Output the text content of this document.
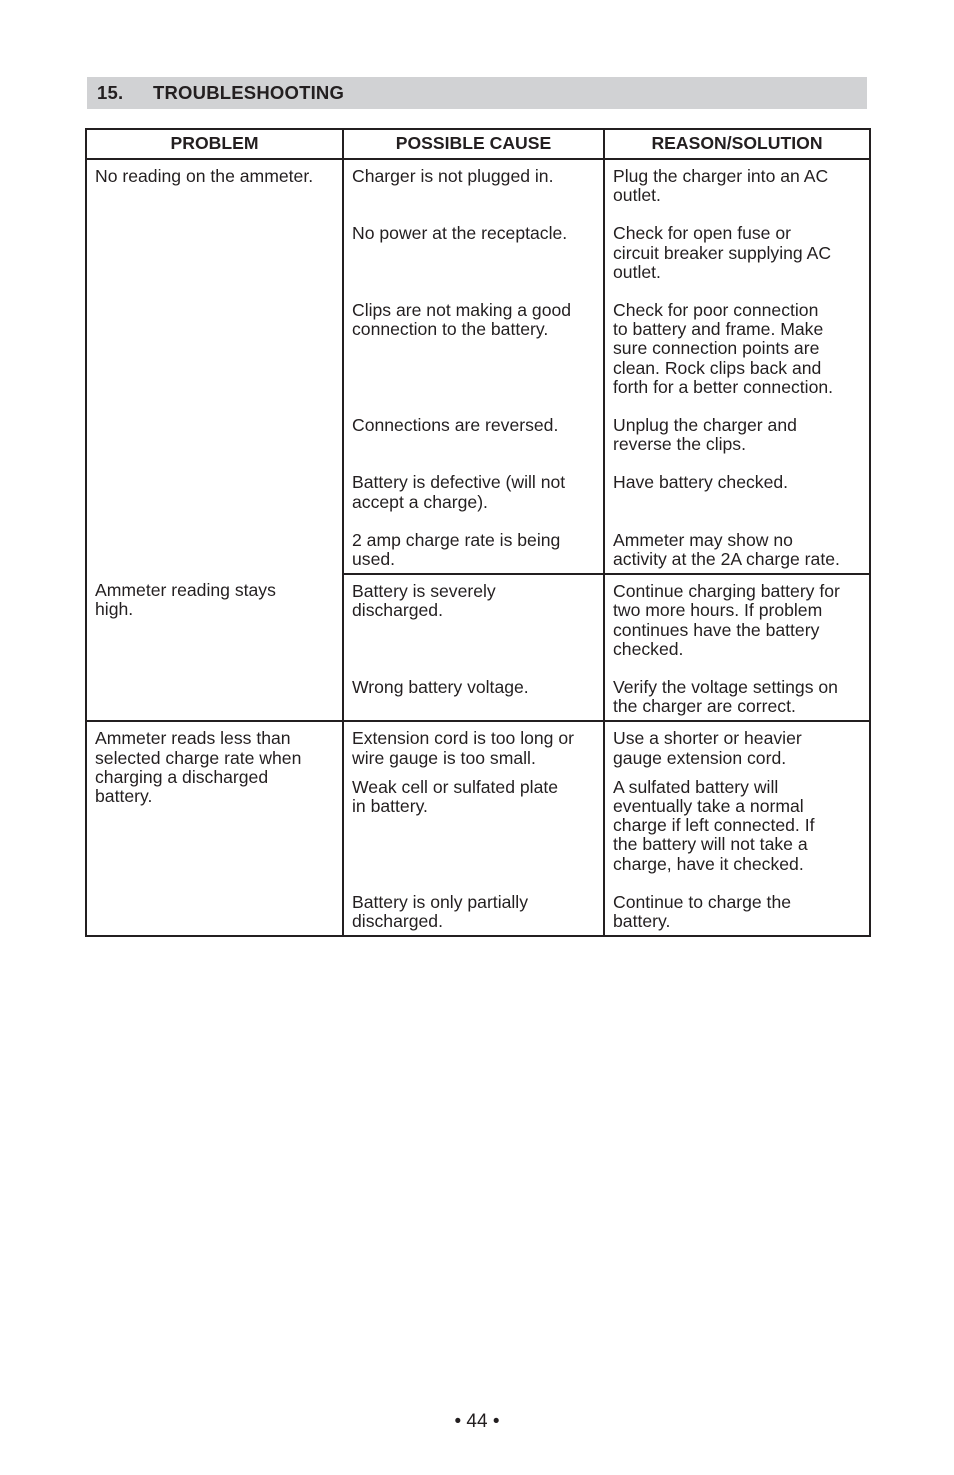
15.	TROUBLESHOOTING
PROBLEM	POSSIBLE CAUSE	REASON/SOLUTION

No reading on the ammeter.	Charger is not plugged in.	Plug the charger into an AC
outlet.

	No power at the receptacle.	Check for open fuse or
circuit breaker supplying AC
outlet.

	Clips are not making a good
connection to the battery.	Check for poor connection
to battery and frame. Make
sure connection points are
clean. Rock clips back and
forth for a better connection.

	Connections are reversed.	Unplug the charger and
reverse the clips.

	Battery is defective (will not
accept a charge).	Have battery checked.

	2 amp charge rate is being
used.	Ammeter may show no
activity at the 2A charge rate.

Ammeter reading stays
high.	Battery is severely
discharged.	Continue charging battery for
two more hours. If problem
continues have the battery
checked.

	Wrong battery voltage.	Verify the voltage settings on
the charger are correct.

Ammeter reads less than
selected charge rate when
charging a discharged
battery.	Extension cord is too long or
wire gauge is too small.	Use a shorter or heavier
gauge extension cord.

	Weak cell or sulfated plate
in battery.	A sulfated battery will
eventually take a normal
charge if left connected. If
the battery will not take a
charge, have it checked.

	Battery is only partially
discharged.	Continue to charge the
battery.
• 44 •
